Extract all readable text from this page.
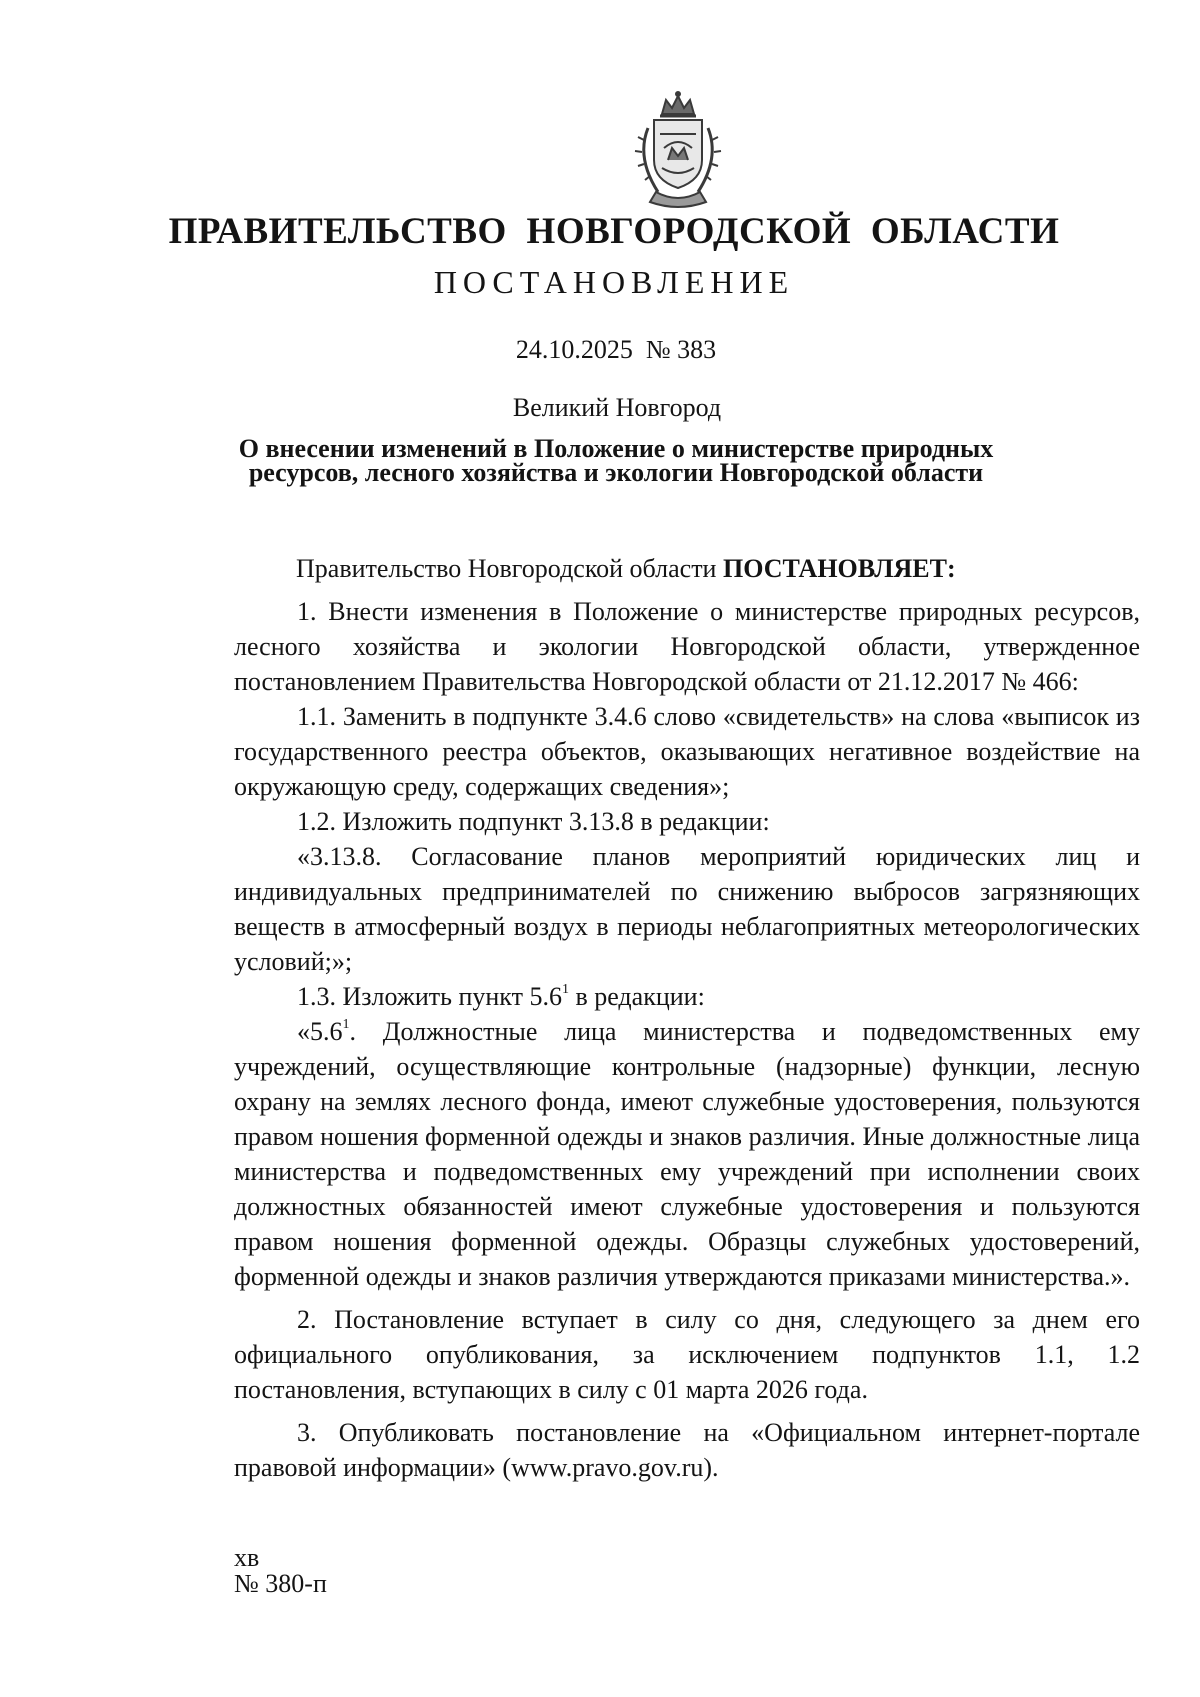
ПРАВИТЕЛЬСТВО НОВГОРОДСКОЙ ОБЛАСТИ
ПОСТАНОВЛЕНИЕ
24.10.2025 № 383
Великий Новгород
О внесении изменений в Положение о министерстве природных
ресурсов, лесного хозяйства и экологии Новгородской области

Правительство Новгородской области ПОСТАНОВЛЯЕТ:

1. Внести изменения в Положение о министерстве природных ресурсов, лесного хозяйства и экологии Новгородской области, утвержденное постановлением Правительства Новгородской области от 21.12.2017 № 466:

1.1. Заменить в подпункте 3.4.6 слово «свидетельств» на слова «выписок из государственного реестра объектов, оказывающих негативное воздействие на окружающую среду, содержащих сведения»;

1.2. Изложить подпункт 3.13.8 в редакции:

«3.13.8. Согласование планов мероприятий юридических лиц и индивидуальных предпринимателей по снижению выбросов загрязняющих веществ в атмосферный воздух в периоды неблагоприятных метеорологических условий;»;

1.3. Изложить пункт $5.6^1$ в редакции:

«$5.6^1$. Должностные лица министерства и подведомственных ему учреждений, осуществляющие контрольные (надзорные) функции, лесную охрану на землях лесного фонда, имеют служебные удостоверения, пользуются правом ношения форменной одежды и знаков различия. Иные должностные лица министерства и подведомственных ему учреждений при исполнении своих должностных обязанностей имеют служебные удостоверения и пользуются правом ношения форменной одежды. Образцы служебных удостоверений, форменной одежды и знаков различия утверждаются приказами министерства.».

2. Постановление вступает в силу со дня, следующего за днем его официального опубликования, за исключением подпунктов 1.1, 1.2 постановления, вступающих в силу с 01 марта 2026 года.

3. Опубликовать постановление на «Официальном интернет-портале правовой информации» (www.pravo.gov.ru).

хв
№ 380-п
